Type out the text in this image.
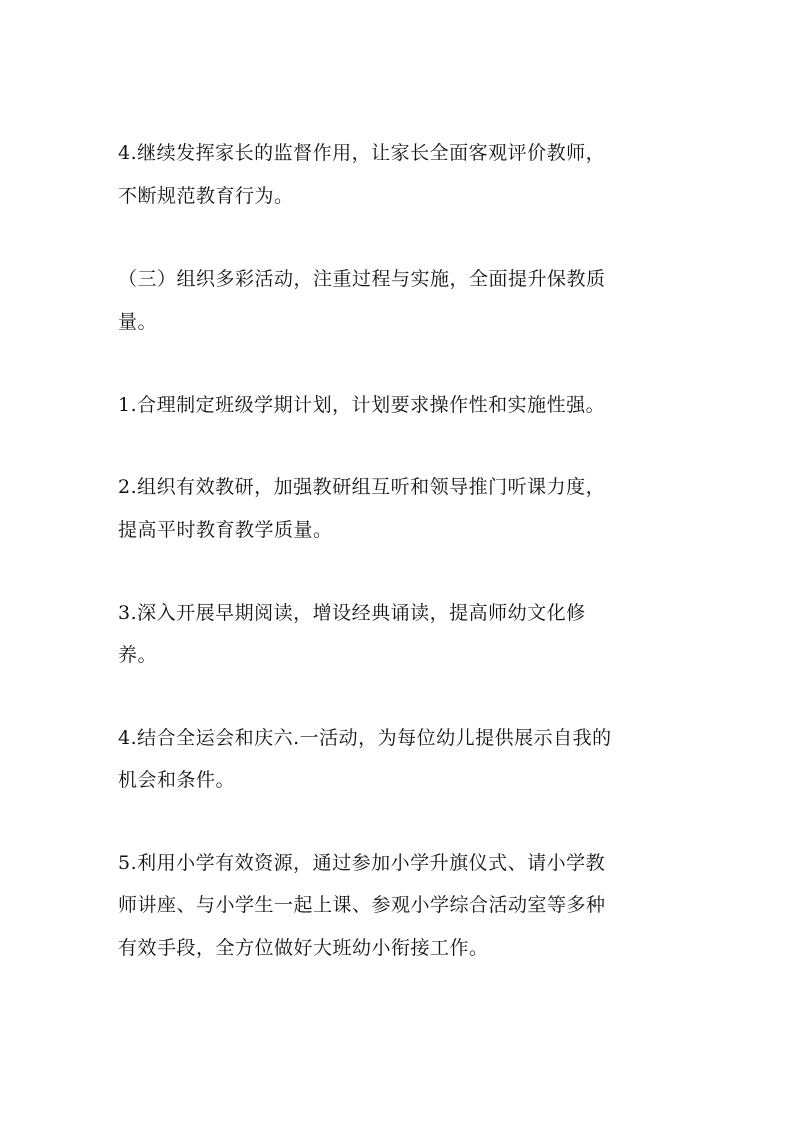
4.继续发挥家长的监督作用，让家长全面客观评价教师，
不断规范教育行为。
（三）组织多彩活动，注重过程与实施，全面提升保教质
量。
1.合理制定班级学期计划，计划要求操作性和实施性强。
2.组织有效教研，加强教研组互听和领导推门听课力度，
提高平时教育教学质量。
3.深入开展早期阅读，增设经典诵读，提高师幼文化修
养。
4.结合全运会和庆六.一活动，为每位幼儿提供展示自我的
机会和条件。
5.利用小学有效资源，通过参加小学升旗仪式、请小学教
师讲座、与小学生一起上课、参观小学综合活动室等多种
有效手段，全方位做好大班幼小衔接工作。
